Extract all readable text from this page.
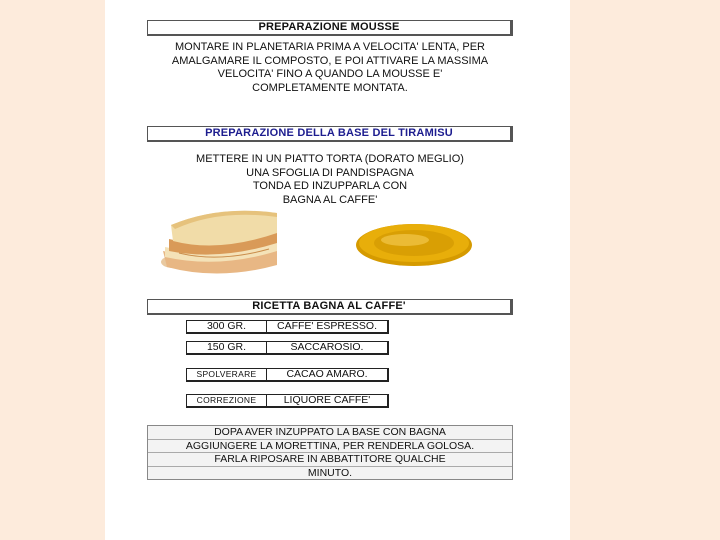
PREPARAZIONE MOUSSE
MONTARE IN PLANETARIA PRIMA A VELOCITA' LENTA, PER
AMALGAMARE IL COMPOSTO, E POI ATTIVARE LA MASSIMA
VELOCITA' FINO A QUANDO LA MOUSSE E'
COMPLETAMENTE MONTATA.
PREPARAZIONE DELLA BASE DEL TIRAMISU
METTERE IN UN PIATTO TORTA (DORATO MEGLIO)
UNA SFOGLIA DI PANDISPAGNA
TONDA ED INZUPPARLA CON
BAGNA AL CAFFE'
RICETTA BAGNA AL CAFFE'
300 GR.	CAFFE' ESPRESSO.
150 GR.	SACCAROSIO.
SPOLVERARE	CACAO AMARO.
CORREZIONE	LIQUORE CAFFE'
DOPA AVER INZUPPATO LA BASE CON BAGNA
AGGIUNGERE LA MORETTINA, PER RENDERLA GOLOSA.
FARLA RIPOSARE IN ABBATTITORE QUALCHE
MINUTO.
